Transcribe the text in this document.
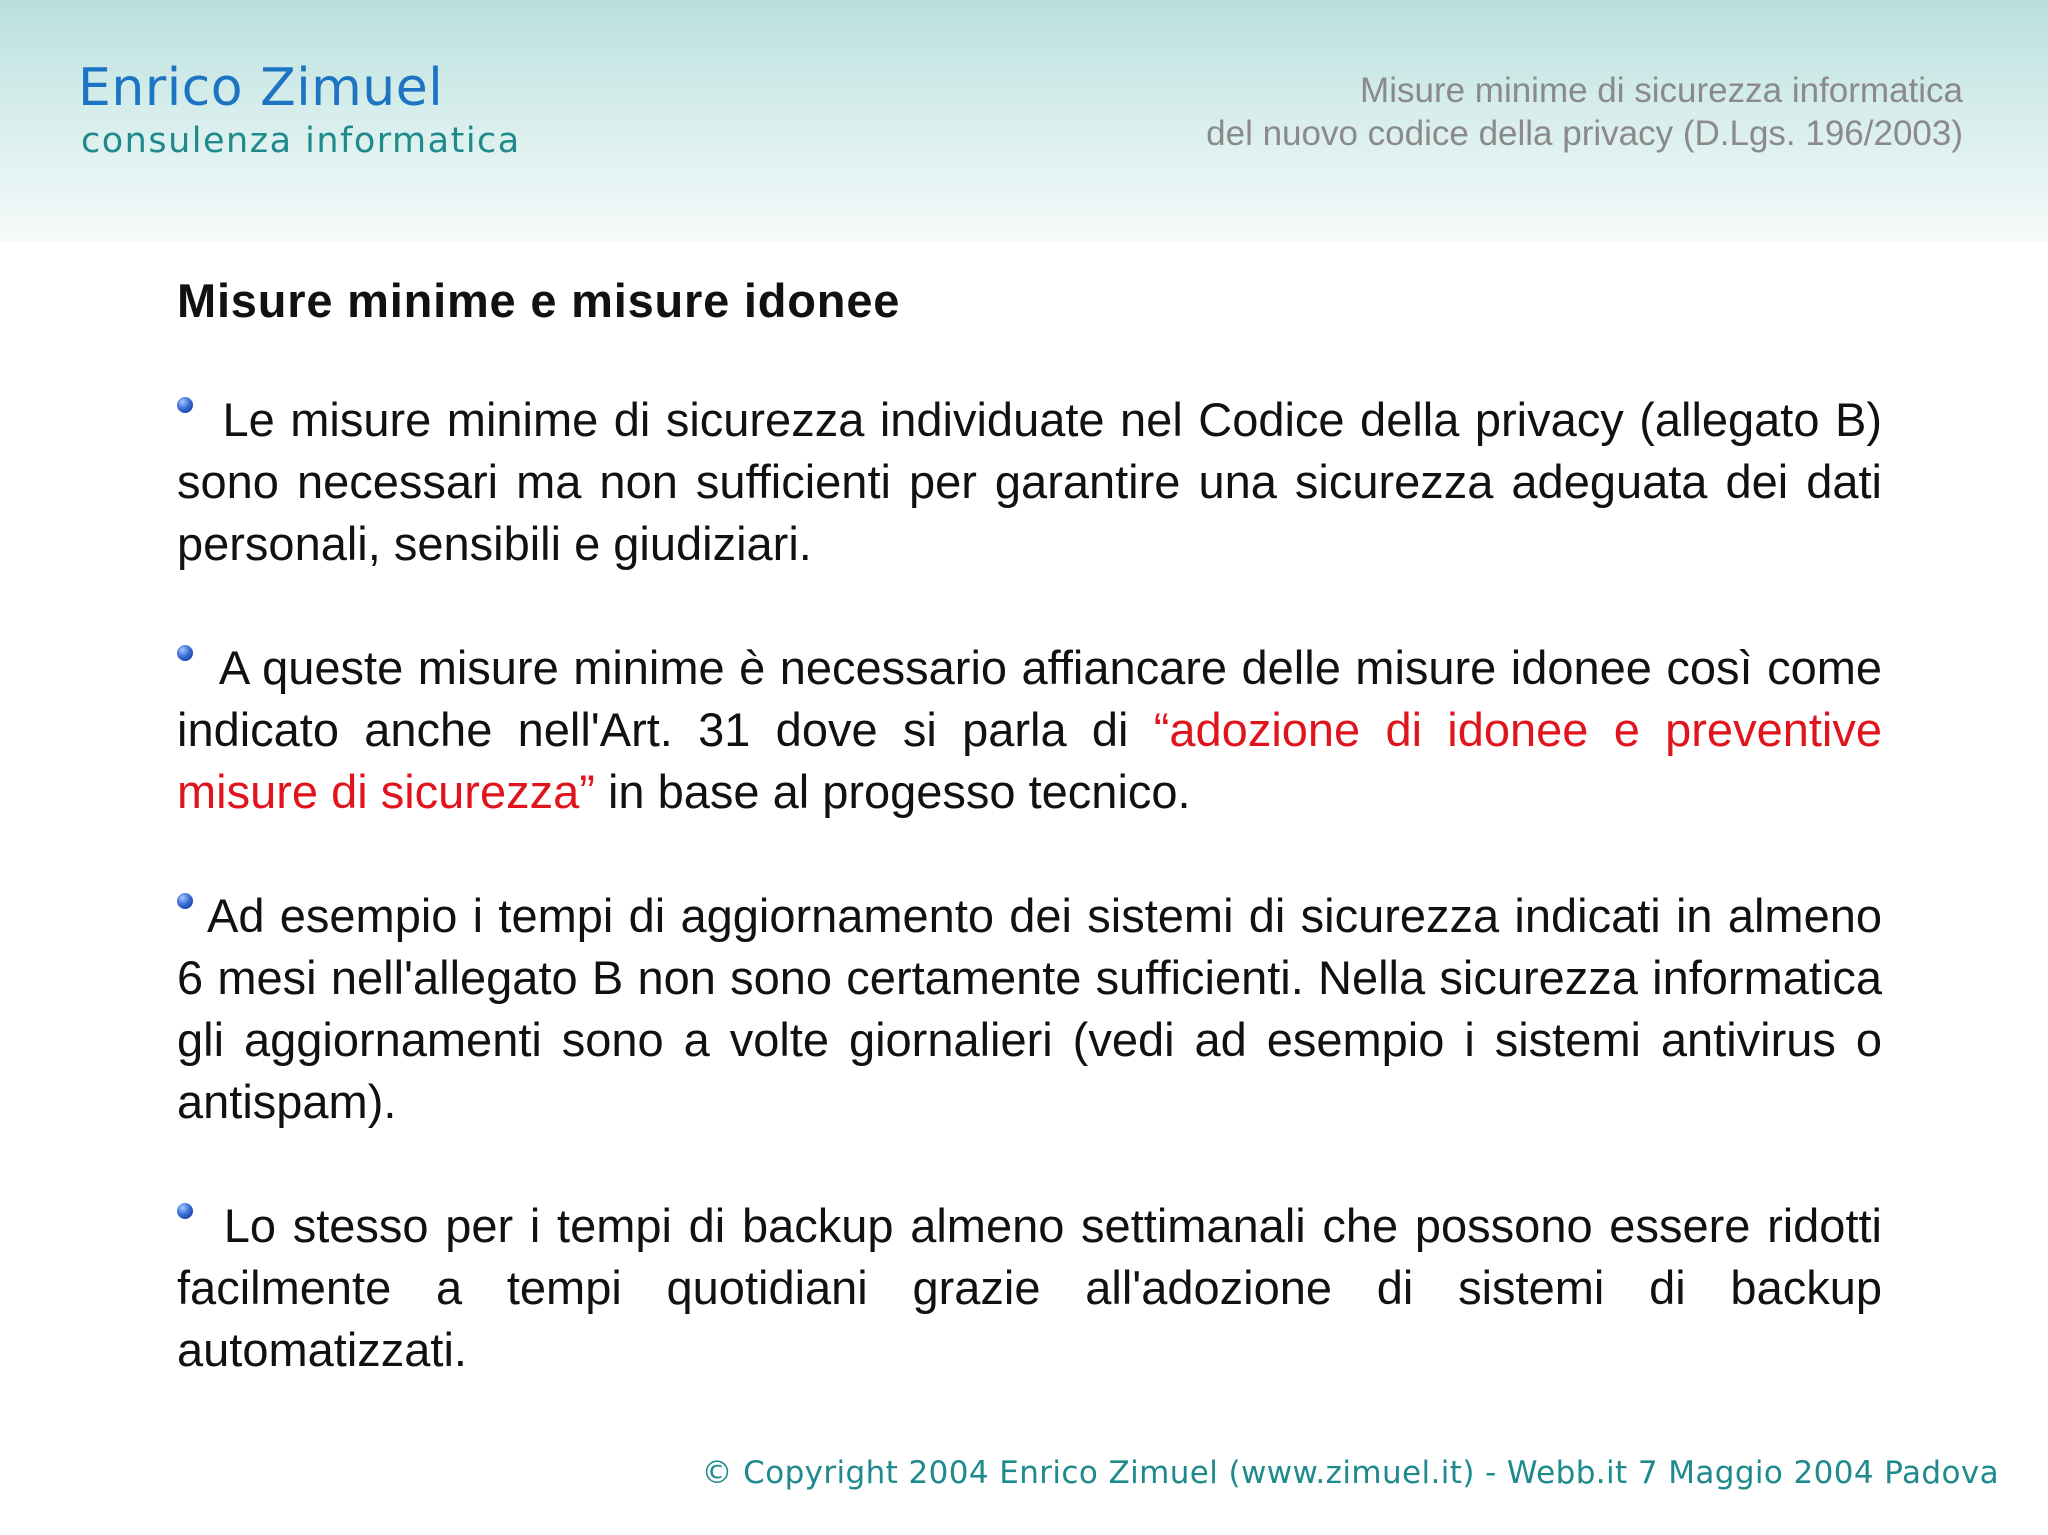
Enrico Zimuel
consulenza informatica
Misure minime di sicurezza informatica
del nuovo codice della privacy (D.Lgs. 196/2003)
Misure minime e misure idonee
Le misure minime di sicurezza individuate nel Codice della privacy (allegato B) sono necessari ma non sufficienti per garantire una sicurezza adeguata dei dati personali, sensibili e giudiziari.
A queste misure minime è necessario affiancare delle misure idonee così come indicato anche nell'Art. 31 dove si parla di “adozione di idonee e preventive misure di sicurezza” in base al progesso tecnico.
Ad esempio i tempi di aggiornamento dei sistemi di sicurezza indicati in almeno 6 mesi nell'allegato B non sono certamente sufficienti. Nella sicurezza informatica gli aggiornamenti sono a volte giornalieri (vedi ad esempio i sistemi antivirus o antispam).
Lo stesso per i tempi di backup almeno settimanali che possono essere ridotti facilmente a tempi quotidiani grazie all'adozione di sistemi di backup automatizzati.
© Copyright 2004 Enrico Zimuel (www.zimuel.it) - Webb.it 7 Maggio 2004 Padova
